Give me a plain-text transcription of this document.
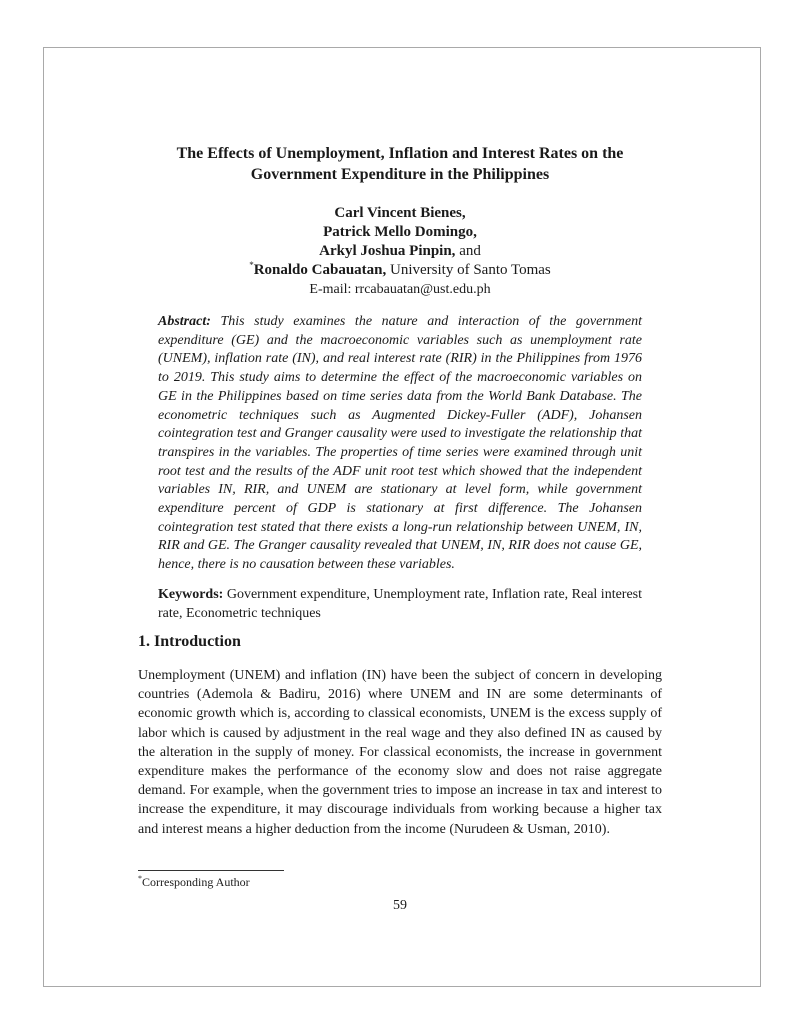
The Effects of Unemployment, Inflation and Interest Rates on the
Government Expenditure in the Philippines
Carl Vincent Bienes,
Patrick Mello Domingo,
Arkyl Joshua Pinpin, and
*Ronaldo Cabauatan, University of Santo Tomas
E-mail: rrcabauatan@ust.edu.ph
Abstract: This study examines the nature and interaction of the government expenditure (GE) and the macroeconomic variables such as unemployment rate (UNEM), inflation rate (IN), and real interest rate (RIR) in the Philippines from 1976 to 2019. This study aims to determine the effect of the macroeconomic variables on GE in the Philippines based on time series data from the World Bank Database. The econometric techniques such as Augmented Dickey-Fuller (ADF), Johansen cointegration test and Granger causality were used to investigate the relationship that transpires in the variables. The properties of time series were examined through unit root test and the results of the ADF unit root test which showed that the independent variables IN, RIR, and UNEM are stationary at level form, while government expenditure percent of GDP is stationary at first difference. The Johansen cointegration test stated that there exists a long-run relationship between UNEM, IN, RIR and GE. The Granger causality revealed that UNEM, IN, RIR does not cause GE, hence, there is no causation between these variables.
Keywords: Government expenditure, Unemployment rate, Inflation rate, Real interest rate, Econometric techniques
1. Introduction
Unemployment (UNEM) and inflation (IN) have been the subject of concern in developing countries (Ademola & Badiru, 2016) where UNEM and IN are some determinants of economic growth which is, according to classical economists, UNEM is the excess supply of labor which is caused by adjustment in the real wage and they also defined IN as caused by the alteration in the supply of money. For classical economists, the increase in government expenditure makes the performance of the economy slow and does not raise aggregate demand. For example, when the government tries to impose an increase in tax and interest to increase the expenditure, it may discourage individuals from working because a higher tax and interest means a higher deduction from the income (Nurudeen & Usman, 2010).
*Corresponding Author
59
